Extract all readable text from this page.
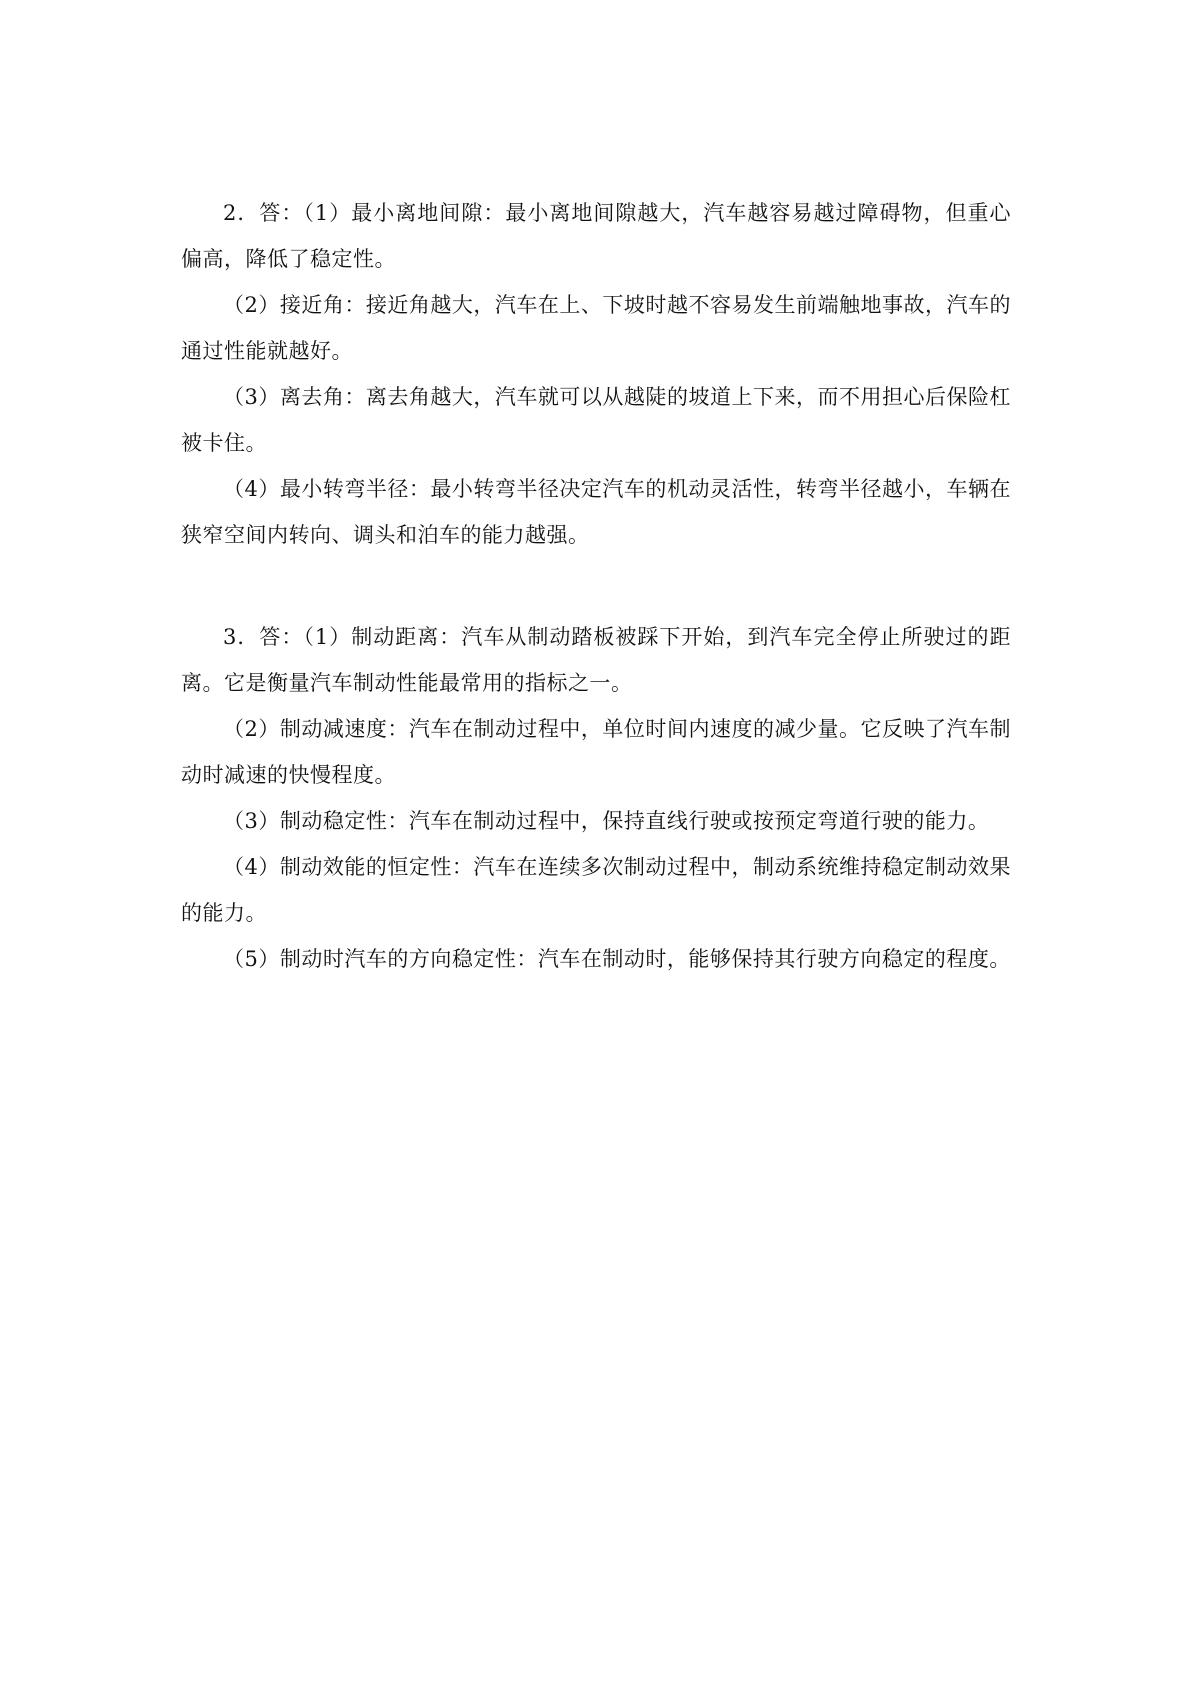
2．答：（1）最小离地间隙：最小离地间隙越大，汽车越容易越过障碍物，但重心偏高，降低了稳定性。

（2）接近角：接近角越大，汽车在上、下坡时越不容易发生前端触地事故，汽车的通过性能就越好。

（3）离去角：离去角越大，汽车就可以从越陡的坡道上下来，而不用担心后保险杠被卡住。

（4）最小转弯半径：最小转弯半径决定汽车的机动灵活性，转弯半径越小，车辆在狭窄空间内转向、调头和泊车的能力越强。

3．答：（1）制动距离：汽车从制动踏板被踩下开始，到汽车完全停止所驶过的距离。它是衡量汽车制动性能最常用的指标之一。

（2）制动减速度：汽车在制动过程中，单位时间内速度的减少量。它反映了汽车制动时减速的快慢程度。

（3）制动稳定性：汽车在制动过程中，保持直线行驶或按预定弯道行驶的能力。

（4）制动效能的恒定性：汽车在连续多次制动过程中，制动系统维持稳定制动效果的能力。

（5）制动时汽车的方向稳定性：汽车在制动时，能够保持其行驶方向稳定的程度。
